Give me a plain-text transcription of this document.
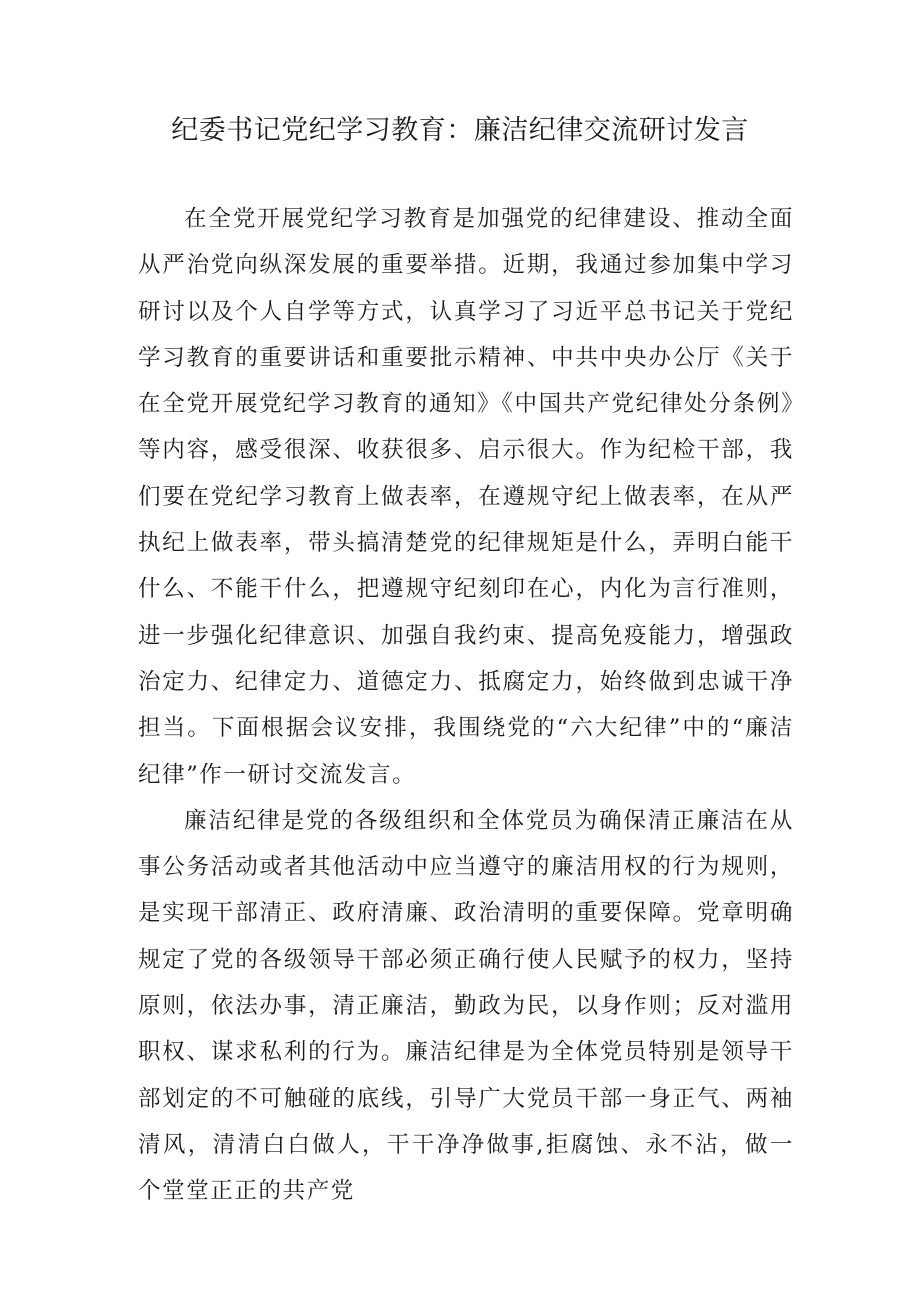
纪委书记党纪学习教育：廉洁纪律交流研讨发言

在全党开展党纪学习教育是加强党的纪律建设、推动全面从严治党向纵深发展的重要举措。近期，我通过参加集中学习研讨以及个人自学等方式，认真学习了习近平总书记关于党纪学习教育的重要讲话和重要批示精神、中共中央办公厅《关于在全党开展党纪学习教育的通知》《中国共产党纪律处分条例》等内容，感受很深、收获很多、启示很大。作为纪检干部，我们要在党纪学习教育上做表率，在遵规守纪上做表率，在从严执纪上做表率，带头搞清楚党的纪律规矩是什么，弄明白能干什么、不能干什么，把遵规守纪刻印在心，内化为言行准则，进一步强化纪律意识、加强自我约束、提高免疫能力，增强政治定力、纪律定力、道德定力、抵腐定力，始终做到忠诚干净担当。下面根据会议安排，我围绕党的“六大纪律”中的“廉洁纪律”作一研讨交流发言。

廉洁纪律是党的各级组织和全体党员为确保清正廉洁在从事公务活动或者其他活动中应当遵守的廉洁用权的行为规则，是实现干部清正、政府清廉、政治清明的重要保障。党章明确规定了党的各级领导干部必须正确行使人民赋予的权力，坚持原则，依法办事，清正廉洁，勤政为民，以身作则；反对滥用职权、谋求私利的行为。廉洁纪律是为全体党员特别是领导干部划定的不可触碰的底线，引导广大党员干部一身正气、两袖清风，清清白白做人，干干净净做事,拒腐蚀、永不沾，做一个堂堂正正的共产党
